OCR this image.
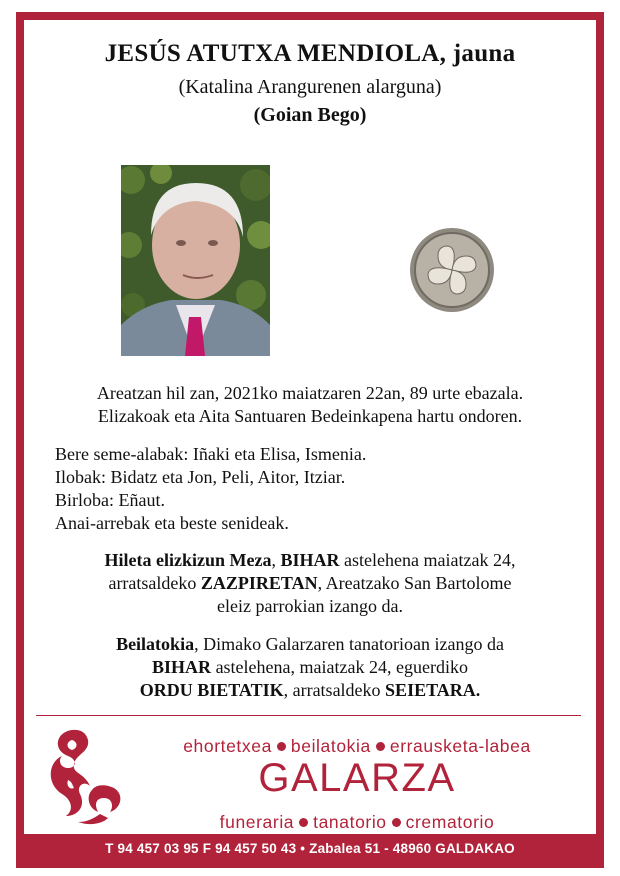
JESÚS ATUTXA MENDIOLA, jauna
(Katalina Arangurenen alarguna)
(Goian Bego)
Areatzan hil zan, 2021ko maiatzaren 22an, 89 urte ebazala.
Elizakoak eta Aita Santuaren Bedeinkapena hartu ondoren.
Bere seme-alabak: Iñaki eta Elisa, Ismenia.
Ilobak: Bidatz eta Jon, Peli, Aitor, Itziar.
Birloba: Eñaut.
Anai-arrebak eta beste senideak.
Hileta elizkizun Meza, BIHAR astelehena maiatzak 24,
arratsaldeko ZAZPIRETAN, Areatzako San Bartolome
eleiz parrokian izango da.
Beilatokia, Dimako Galarzaren tanatorioan izango da
BIHAR astelehena, maiatzak 24, eguerdiko
ORDU BIETATIK, arratsaldeko SEIETARA.
ehortetxea beilatokia errausketa-labea
GALARZA
funeraria tanatorio crematorio
T 94 457 03 95 F 94 457 50 43 • Zabalea 51 - 48960 GALDAKAO
